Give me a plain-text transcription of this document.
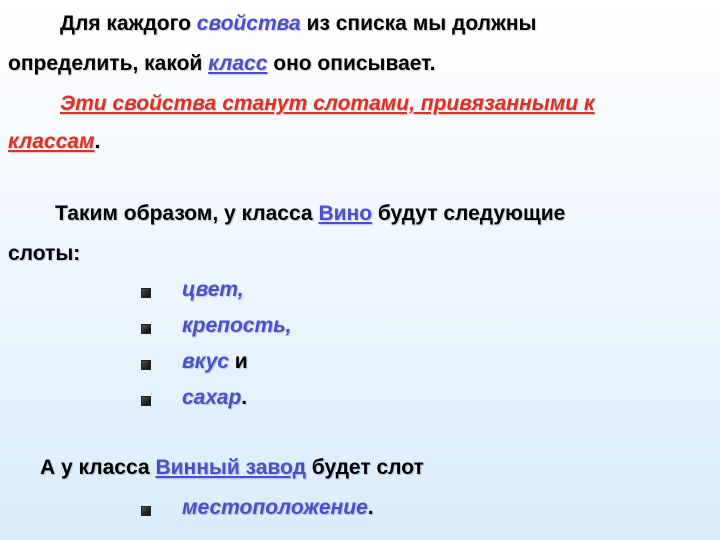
Для каждого свойства из списка мы должны
определить, какой класс оно описывает.
Эти свойства станут слотами, привязанными к
классам.
Таким образом, у класса Вино будут следующие
слоты:
цвет,
крепость,
вкус и
сахар.
А у класса Винный завод будет слот
местоположение.
